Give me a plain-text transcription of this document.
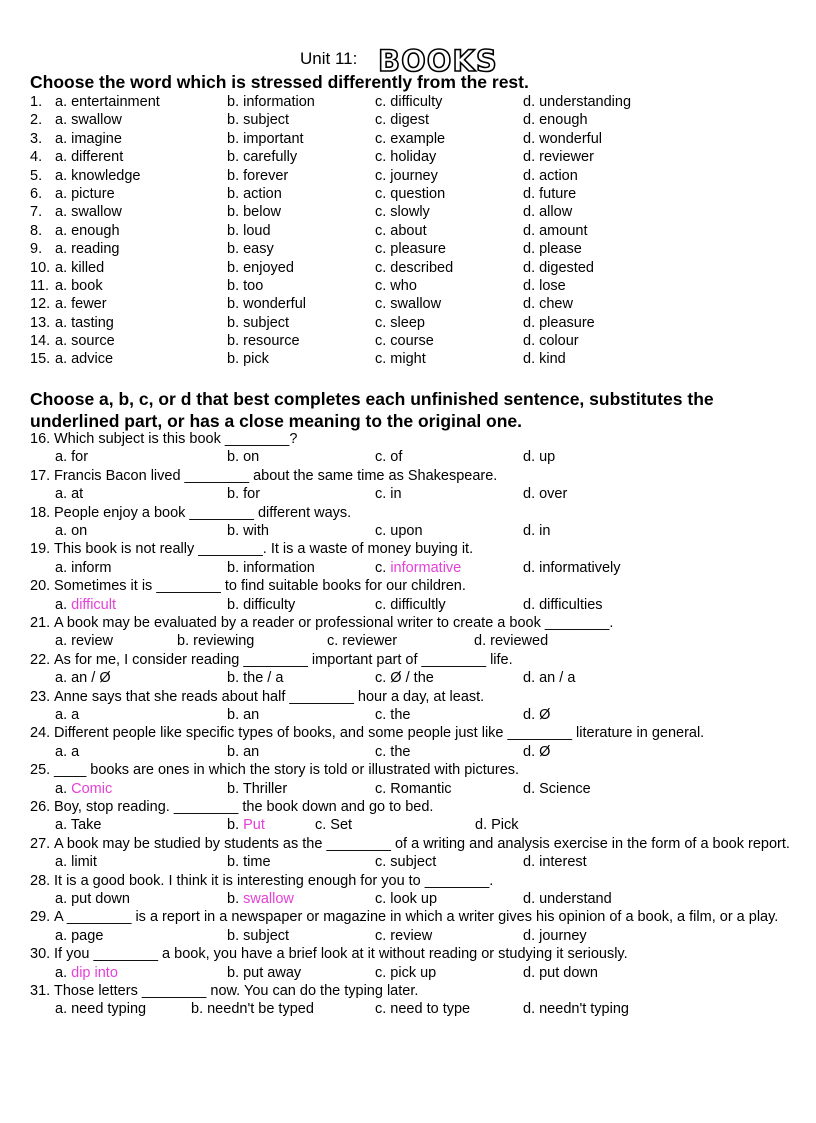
Unit 11: BOOKS
Choose the word which is stressed differently from the rest.
1. a. entertainment	b. information	c. difficulty	d. understanding
2. a. swallow	b. subject	c. digest	d. enough
3. a. imagine	b. important	c. example	d. wonderful
4. a. different	b. carefully	c. holiday	d. reviewer
5. a. knowledge	b. forever	c. journey	d. action
6. a. picture	b. action	c. question	d. future
7. a. swallow	b. below	c. slowly	d. allow
8. a. enough	b. loud	c. about	d. amount
9. a. reading	b. easy	c. pleasure	d. please
10. a. killed	b. enjoyed	c. described	d. digested
11. a. book	b. too	c. who	d. lose
12. a. fewer	b. wonderful	c. swallow	d. chew
13. a. tasting	b. subject	c. sleep	d. pleasure
14. a. source	b. resource	c. course	d. colour
15. a. advice	b. pick	c. might	d. kind
Choose a, b, c, or d that best completes each unfinished sentence, substitutes the underlined part, or has a close meaning to the original one.
16. Which subject is this book ________?
a. for	b. on	c. of	d. up
17. Francis Bacon lived ________ about the same time as Shakespeare.
a. at	b. for	c. in	d. over
18. People enjoy a book ________ different ways.
a. on	b. with	c. upon	d. in
19. This book is not really ________. It is a waste of money buying it.
a. inform	b. information	c. informative	d. informatively
20. Sometimes it is ________ to find suitable books for our children.
a. difficult	b. difficulty	c. difficultly	d. difficulties
21. A book may be evaluated by a reader or professional writer to create a book ________.
a. review	b. reviewing	c. reviewer	d. reviewed
22. As for me, I consider reading ________ important part of ________ life.
a. an / Ø	b. the / a	c. Ø / the	d. an / a
23. Anne says that she reads about half ________ hour a day, at least.
a. a	b. an	c. the	d. Ø
24. Different people like specific types of books, and some people just like ________ literature in general.
a. a	b. an	c. the	d. Ø
25. ____ books are ones in which the story is told or illustrated with pictures.
a. Comic	b. Thriller	c. Romantic	d. Science
26. Boy, stop reading. ________ the book down and go to bed.
a. Take	b. Put	c. Set	d. Pick
27. A book may be studied by students as the ________ of a writing and analysis exercise in the form of a book report.
a. limit	b. time	c. subject	d. interest
28. It is a good book. I think it is interesting enough for you to ________.
a. put down	b. swallow	c. look up	d. understand
29. A ________ is a report in a newspaper or magazine in which a writer gives his opinion of a book, a film, or a play.
a. page	b. subject	c. review	d. journey
30. If you ________ a book, you have a brief look at it without reading or studying it seriously.
a. dip into	b. put away	c. pick up	d. put down
31. Those letters ________ now. You can do the typing later.
a. need typing	b. needn't be typed	c. need to type	d. needn't typing
